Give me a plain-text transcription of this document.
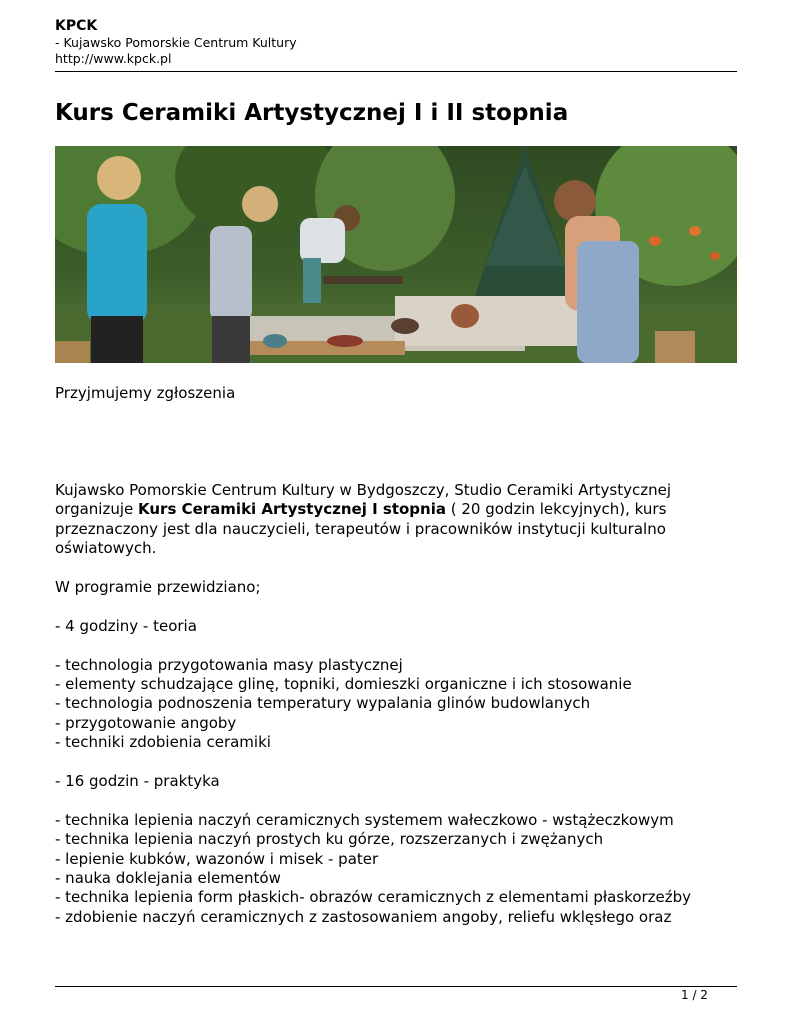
KPCK
- Kujawsko Pomorskie Centrum Kultury
http://www.kpck.pl
Kurs Ceramiki Artystycznej I i II stopnia

Przyjmujemy zgłoszenia

Kujawsko Pomorskie Centrum Kultury w Bydgoszczy, Studio Ceramiki Artystycznej

organizuje Kurs Ceramiki Artystycznej I stopnia ( 20 godzin lekcyjnych), kurs

przeznaczony jest dla nauczycieli, terapeutów i pracowników instytucji kulturalno

oświatowych.

W programie przewidziano;

- 4 godziny - teoria

- technologia przygotowania masy plastycznej

- elementy schudzające glinę, topniki, domieszki organiczne i ich stosowanie

- technologia podnoszenia temperatury wypalania glinów budowlanych

- przygotowanie angoby

- techniki zdobienia ceramiki

- 16 godzin - praktyka

- technika lepienia naczyń ceramicznych systemem wałeczkowo - wstążeczkowym

- technika lepienia naczyń prostych ku górze, rozszerzanych i zwężanych

- lepienie kubków, wazonów i misek - pater

- nauka doklejania elementów

- technika lepienia form płaskich- obrazów ceramicznych z elementami płaskorzeźby

- zdobienie naczyń ceramicznych z zastosowaniem angoby, reliefu wklęsłego oraz

1 / 2
